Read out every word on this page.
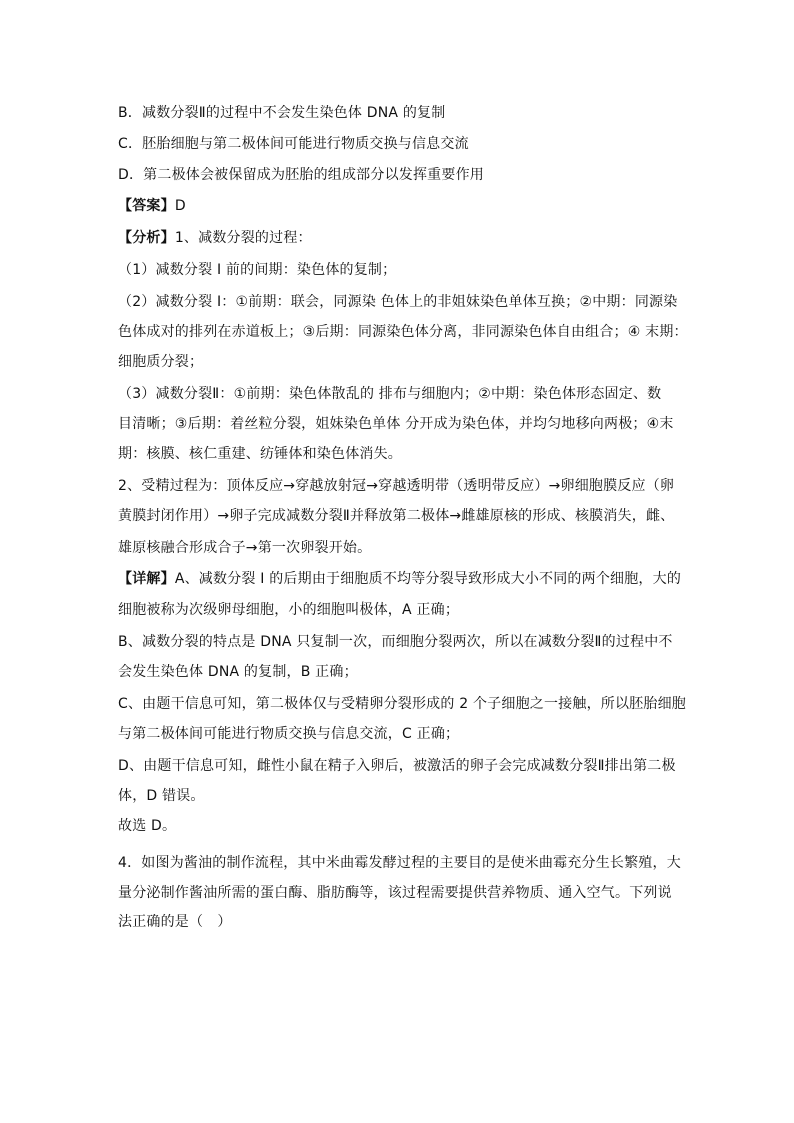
B．减数分裂Ⅱ的过程中不会发生染色体 DNA 的复制
C．胚胎细胞与第二极体间可能进行物质交换与信息交流
D．第二极体会被保留成为胚胎的组成部分以发挥重要作用
【答案】D
【分析】1、减数分裂的过程：
（1）减数分裂 I 前的间期：染色体的复制；
（2）减数分裂 I：①前期：联会，同源染 色体上的非姐妹染色单体互换；②中期：同源染
色体成对的排列在赤道板上；③后期：同源染色体分离，非同源染色体自由组合；④ 末期：
细胞质分裂；
（3）减数分裂Ⅱ：①前期：染色体散乱的 排布与细胞内；②中期：染色体形态固定、数
目清晰；③后期：着丝粒分裂，姐妹染色单体 分开成为染色体，并均匀地移向两极；④末
期：核膜、核仁重建、纺锤体和染色体消失。
2、受精过程为：顶体反应→穿越放射冠→穿越透明带（透明带反应）→卵细胞膜反应（卵
黄膜封闭作用）→卵子完成减数分裂Ⅱ并释放第二极体→雌雄原核的形成、核膜消失，雌、
雄原核融合形成合子→第一次卵裂开始。
【详解】A、减数分裂 I 的后期由于细胞质不均等分裂导致形成大小不同的两个细胞，大的
细胞被称为次级卵母细胞，小的细胞叫极体，A 正确；
B、减数分裂的特点是 DNA 只复制一次，而细胞分裂两次，所以在减数分裂Ⅱ的过程中不
会发生染色体 DNA 的复制，B 正确；
C、由题干信息可知，第二极体仅与受精卵分裂形成的 2 个子细胞之一接触，所以胚胎细胞
与第二极体间可能进行物质交换与信息交流，C 正确；
D、由题干信息可知，雌性小鼠在精子入卵后，被激活的卵子会完成减数分裂Ⅱ排出第二极
体，D 错误。
故选 D。
4．如图为酱油的制作流程，其中米曲霉发酵过程的主要目的是使米曲霉充分生长繁殖，大
量分泌制作酱油所需的蛋白酶、脂肪酶等，该过程需要提供营养物质、通入空气。下列说
法正确的是（　）
